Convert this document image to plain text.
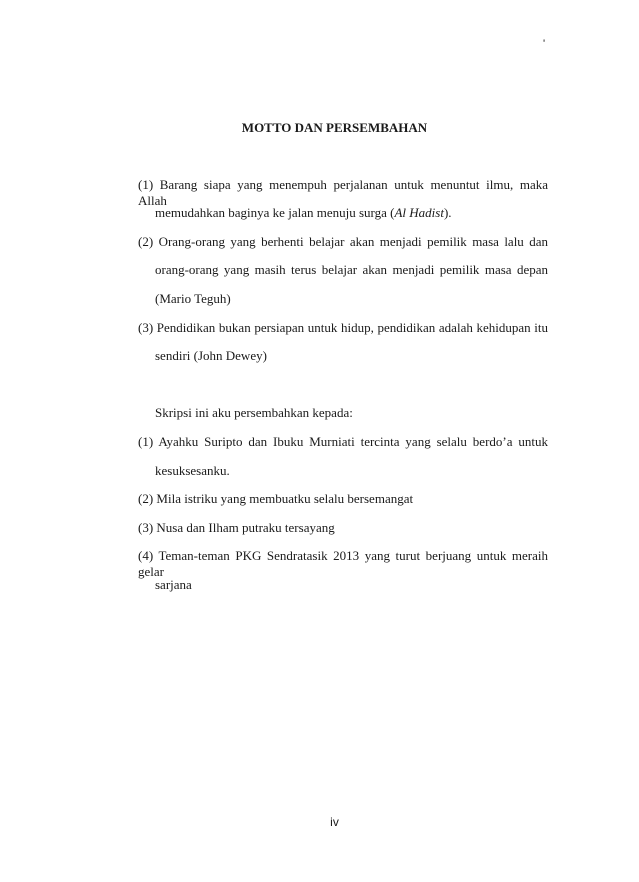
'
MOTTO DAN PERSEMBAHAN
(1) Barang siapa yang menempuh perjalanan untuk menuntut ilmu, maka Allah
memudahkan baginya ke jalan menuju surga (Al Hadist).
(2) Orang-orang yang berhenti belajar akan menjadi pemilik masa lalu dan
orang-orang yang masih terus belajar akan menjadi pemilik masa depan
(Mario Teguh)
(3) Pendidikan bukan persiapan untuk hidup, pendidikan adalah kehidupan itu
sendiri (John Dewey)
Skripsi ini aku persembahkan kepada:
(1) Ayahku Suripto dan Ibuku Murniati tercinta yang selalu berdo’a untuk
kesuksesanku.
(2) Mila istriku yang membuatku selalu bersemangat
(3) Nusa dan Ilham putraku tersayang
(4) Teman-teman PKG Sendratasik 2013 yang turut berjuang untuk meraih gelar
sarjana
iv
